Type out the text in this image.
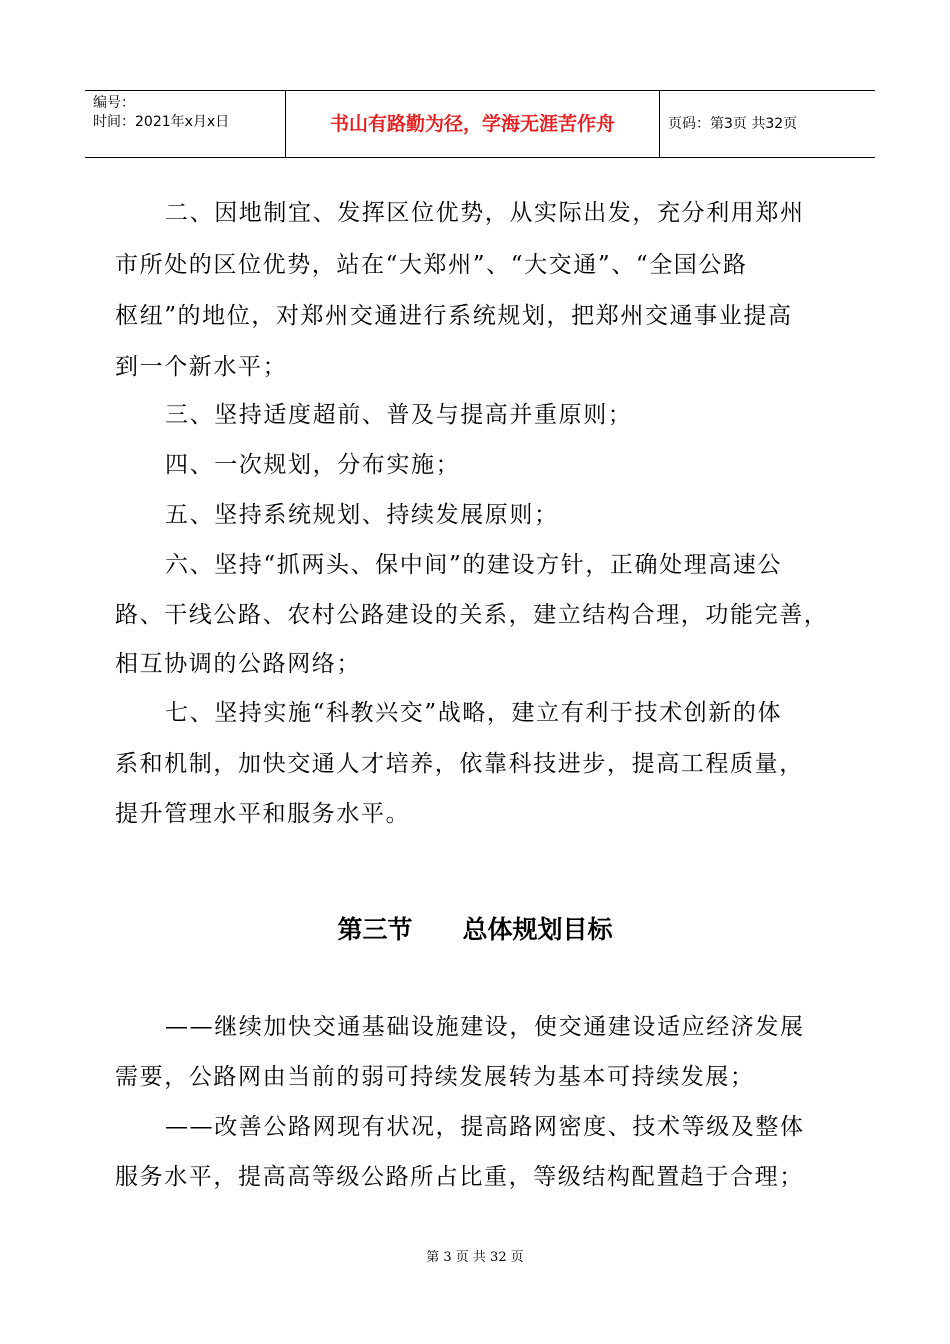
编号：
时间：2021年x月x日	书山有路勤为径，学海无涯苦作舟	页码：第3页 共32页
二、因地制宜、发挥区位优势，从实际出发，充分利用郑州
市所处的区位优势，站在“大郑州”、“大交通”、“全国公路
枢纽”的地位，对郑州交通进行系统规划，把郑州交通事业提高
到一个新水平；
三、坚持适度超前、普及与提高并重原则；
四、一次规划，分布实施；
五、坚持系统规划、持续发展原则；
六、坚持“抓两头、保中间”的建设方针，正确处理高速公
路、干线公路、农村公路建设的关系，建立结构合理，功能完善，
相互协调的公路网络；
七、坚持实施“科教兴交”战略，建立有利于技术创新的体
系和机制，加快交通人才培养，依靠科技进步，提高工程质量，
提升管理水平和服务水平。
第三节 总体规划目标
——继续加快交通基础设施建设，使交通建设适应经济发展
需要，公路网由当前的弱可持续发展转为基本可持续发展；
——改善公路网现有状况，提高路网密度、技术等级及整体
服务水平，提高高等级公路所占比重，等级结构配置趋于合理；
第 3 页 共 32 页
